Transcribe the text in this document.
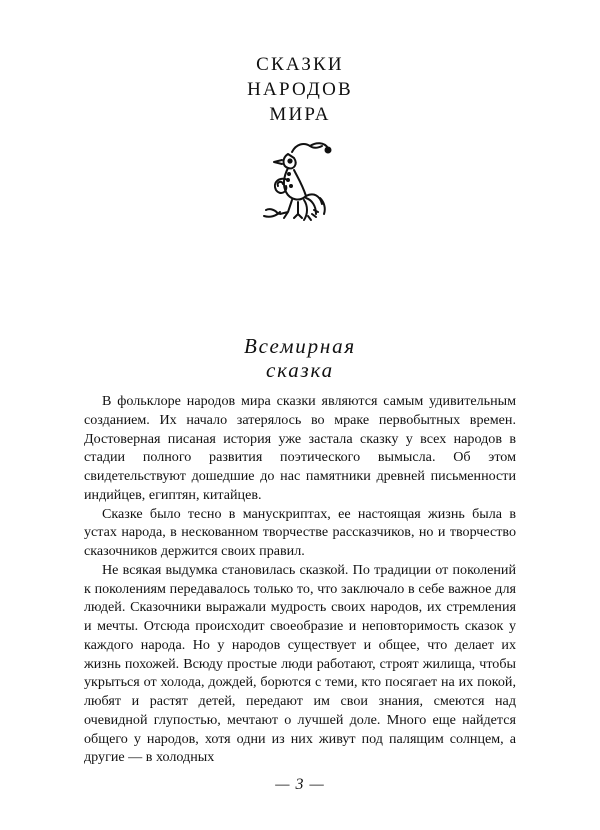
СКАЗКИ
НАРОДОВ
МИРА
Всемирная
сказка

В фольклоре народов мира сказки являются самым удивительным созданием. Их начало затерялось во мраке первобытных времен. Достоверная писаная история уже застала сказку у всех народов в стадии полного развития поэтического вымысла. Об этом свидетельствуют дошедшие до нас памятники древней письменности индийцев, египтян, китайцев.

Сказке было тесно в манускриптах, ее настоящая жизнь была в устах народа, в нескованном творчестве рассказчиков, но и творчество сказочников держится своих правил.

Не всякая выдумка становилась сказкой. По традиции от поколений к поколениям передавалось только то, что заключало в себе важное для людей. Сказочники выражали мудрость своих народов, их стремления и мечты. Отсюда происходит своеобразие и неповторимость сказок у каждого народа. Но у народов существует и общее, что делает их жизнь похожей. Всюду простые люди работают, строят жилища, чтобы укрыться от холода, дождей, борются с теми, кто посягает на их покой, любят и растят детей, передают им свои знания, смеются над очевидной глупостью, мечтают о лучшей доле. Много еще найдется общего у народов, хотя одни из них живут под палящим солнцем, а другие — в холодных

— 3 —
